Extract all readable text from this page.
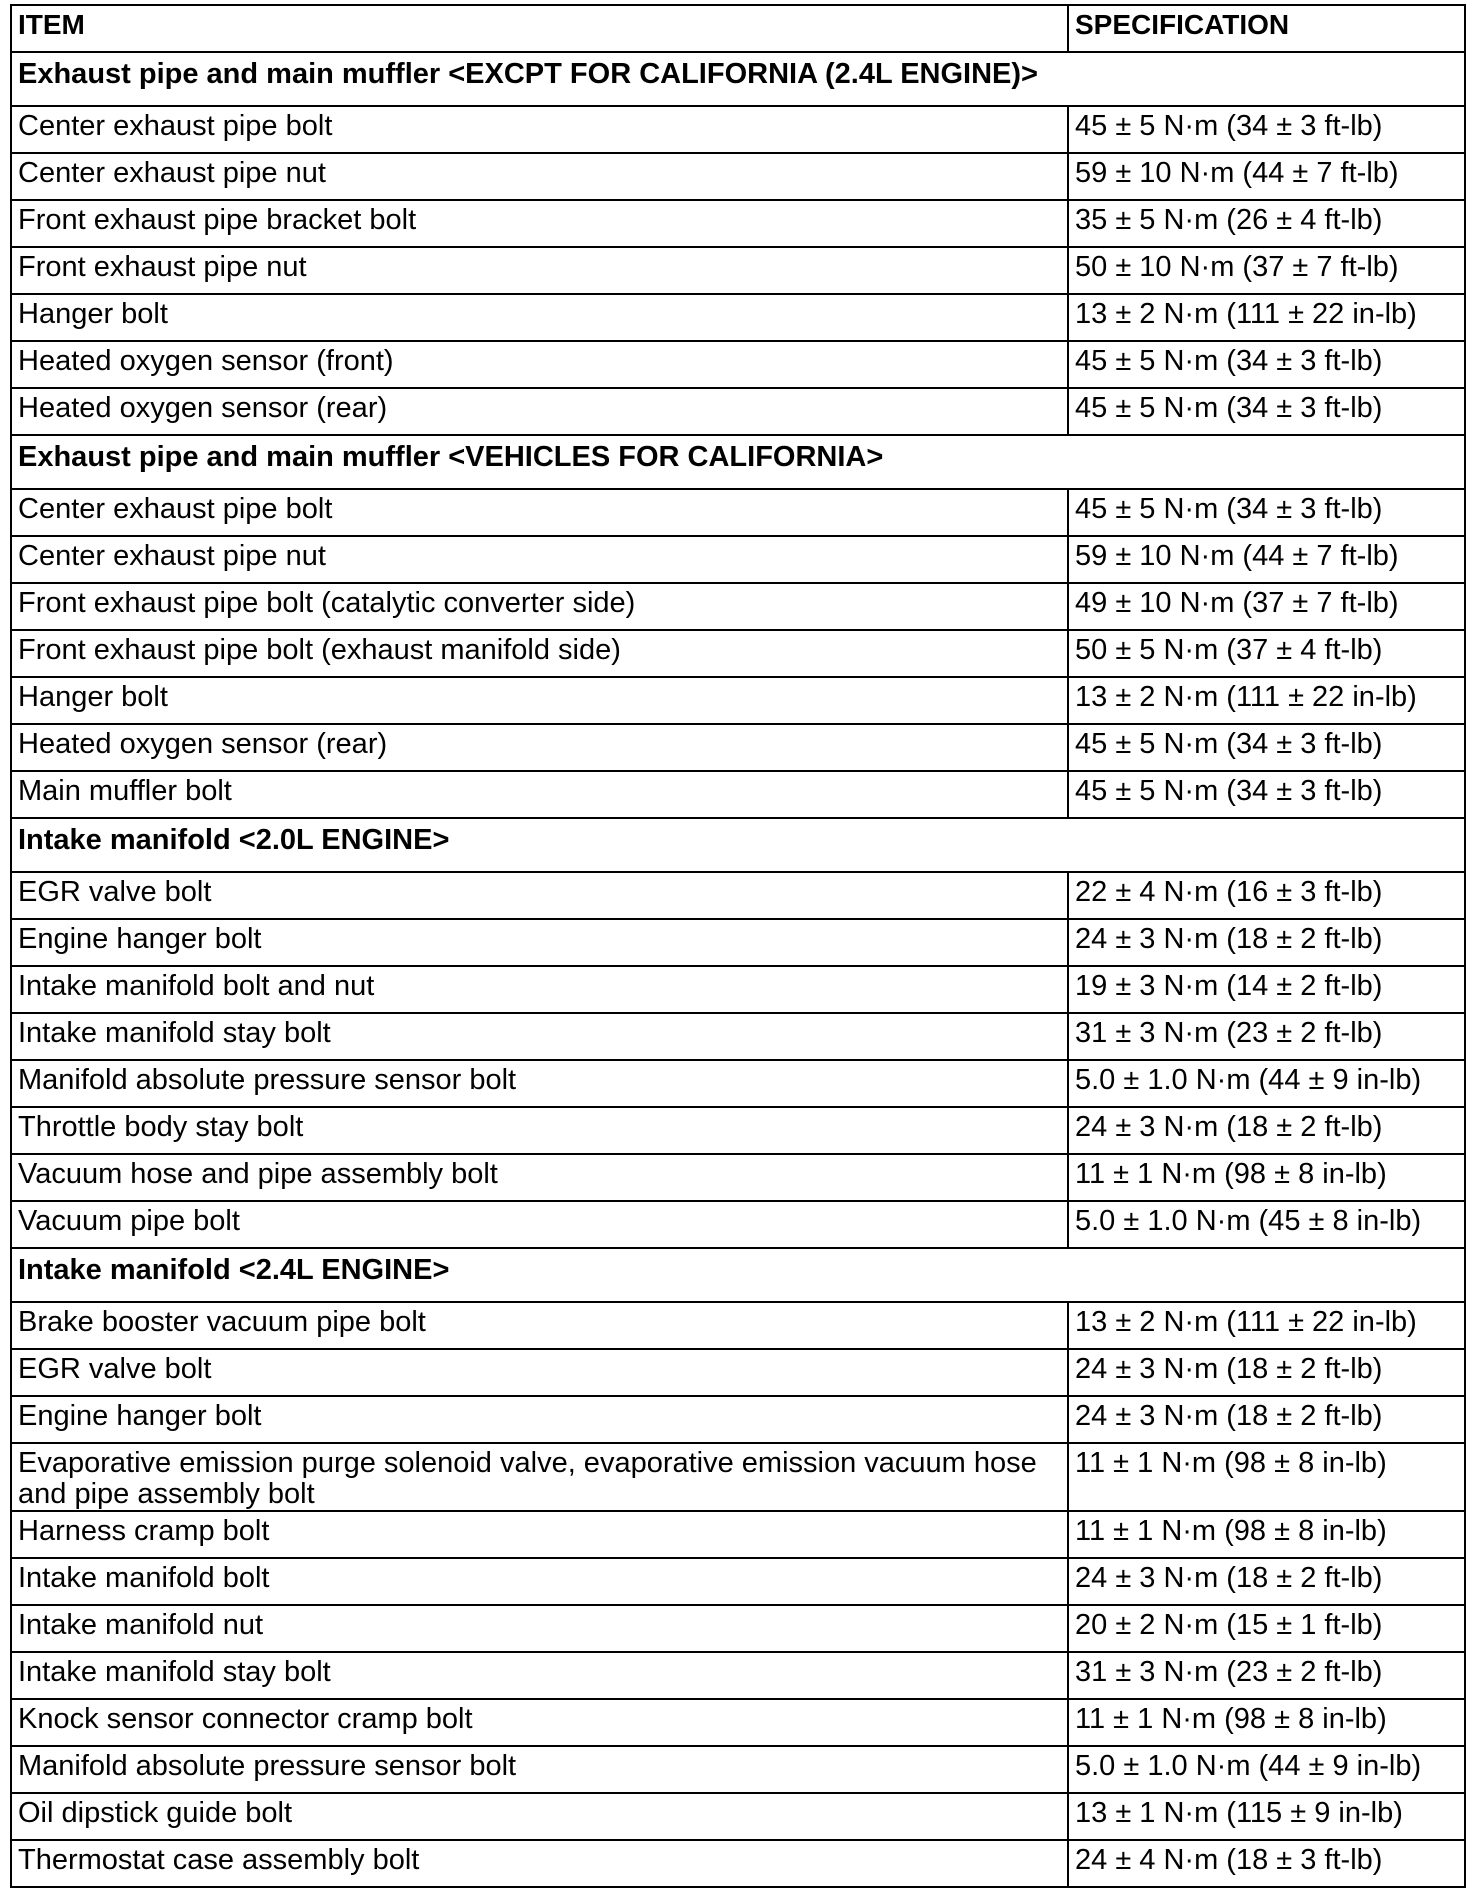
ITEM	SPECIFICATION
Exhaust pipe and main muffler <EXCPT FOR CALIFORNIA (2.4L ENGINE)>	
Center exhaust pipe bolt	45 ± 5 N·m (34 ± 3 ft-lb)
Center exhaust pipe nut	59 ± 10 N·m (44 ± 7 ft-lb)
Front exhaust pipe bracket bolt	35 ± 5 N·m (26 ± 4 ft-lb)
Front exhaust pipe nut	50 ± 10 N·m (37 ± 7 ft-lb)
Hanger bolt	13 ± 2 N·m (111 ± 22 in-lb)
Heated oxygen sensor (front)	45 ± 5 N·m (34 ± 3 ft-lb)
Heated oxygen sensor (rear)	45 ± 5 N·m (34 ± 3 ft-lb)
Exhaust pipe and main muffler <VEHICLES FOR CALIFORNIA>	
Center exhaust pipe bolt	45 ± 5 N·m (34 ± 3 ft-lb)
Center exhaust pipe nut	59 ± 10 N·m (44 ± 7 ft-lb)
Front exhaust pipe bolt (catalytic converter side)	49 ± 10 N·m (37 ± 7 ft-lb)
Front exhaust pipe bolt (exhaust manifold side)	50 ± 5 N·m (37 ± 4 ft-lb)
Hanger bolt	13 ± 2 N·m (111 ± 22 in-lb)
Heated oxygen sensor (rear)	45 ± 5 N·m (34 ± 3 ft-lb)
Main muffler bolt	45 ± 5 N·m (34 ± 3 ft-lb)
Intake manifold <2.0L ENGINE>	
EGR valve bolt	22 ± 4 N·m (16 ± 3 ft-lb)
Engine hanger bolt	24 ± 3 N·m (18 ± 2 ft-lb)
Intake manifold bolt and nut	19 ± 3 N·m (14 ± 2 ft-lb)
Intake manifold stay bolt	31 ± 3 N·m (23 ± 2 ft-lb)
Manifold absolute pressure sensor bolt	5.0 ± 1.0 N·m (44 ± 9 in-lb)
Throttle body stay bolt	24 ± 3 N·m (18 ± 2 ft-lb)
Vacuum hose and pipe assembly bolt	11 ± 1 N·m (98 ± 8 in-lb)
Vacuum pipe bolt	5.0 ± 1.0 N·m (45 ± 8 in-lb)
Intake manifold <2.4L ENGINE>	
Brake booster vacuum pipe bolt	13 ± 2 N·m (111 ± 22 in-lb)
EGR valve bolt	24 ± 3 N·m (18 ± 2 ft-lb)
Engine hanger bolt	24 ± 3 N·m (18 ± 2 ft-lb)
Evaporative emission purge solenoid valve, evaporative emission vacuum hose and pipe assembly bolt	11 ± 1 N·m (98 ± 8 in-lb)
Harness cramp bolt	11 ± 1 N·m (98 ± 8 in-lb)
Intake manifold bolt	24 ± 3 N·m (18 ± 2 ft-lb)
Intake manifold nut	20 ± 2 N·m (15 ± 1 ft-lb)
Intake manifold stay bolt	31 ± 3 N·m (23 ± 2 ft-lb)
Knock sensor connector cramp bolt	11 ± 1 N·m (98 ± 8 in-lb)
Manifold absolute pressure sensor bolt	5.0 ± 1.0 N·m (44 ± 9 in-lb)
Oil dipstick guide bolt	13 ± 1 N·m (115 ± 9 in-lb)
Thermostat case assembly bolt	24 ± 4 N·m (18 ± 3 ft-lb)
